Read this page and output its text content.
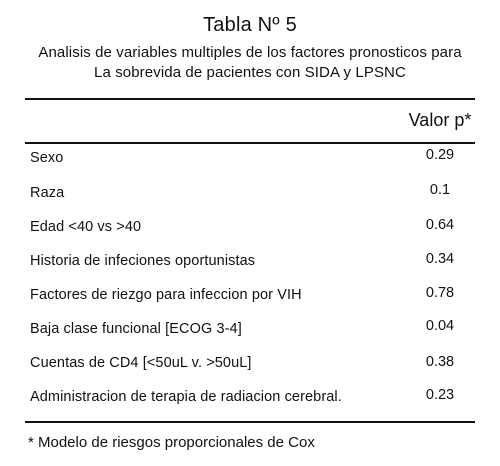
Tabla Nº 5
Analisis de variables multiples de los factores pronosticos para
La sobrevida de pacientes con SIDA y LPSNC
Valor p*
Sexo	0.29
Raza	0.1
Edad <40 vs >40	0.64
Historia de infeciones oportunistas	0.34
Factores de riezgo para infeccion por VIH	0.78
Baja clase funcional [ECOG 3-4]	0.04
Cuentas de CD4 [<50uL v. >50uL]	0.38
Administracion de terapia de radiacion cerebral.	0.23
* Modelo de riesgos proporcionales de Cox
